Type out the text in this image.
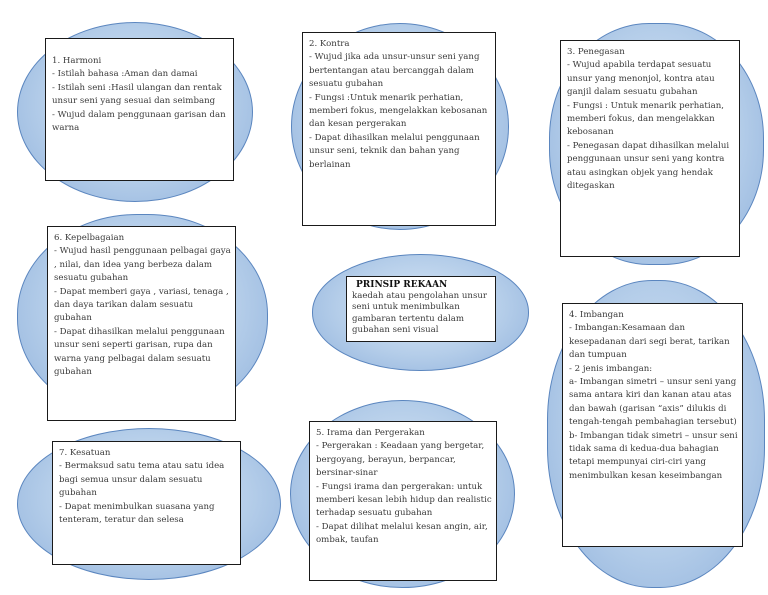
1. Harmoni
- Istilah bahasa :Aman dan damai
- Istilah seni :Hasil ulangan dan rentak unsur seni yang sesuai dan seimbang
- Wujud dalam penggunaan garisan dan warna
2. Kontra
- Wujud jika ada unsur-unsur seni yang bertentangan atau bercanggah dalam sesuatu gubahan
- Fungsi :Untuk menarik perhatian, memberi fokus, mengelakkan kebosanan dan kesan pergerakan
- Dapat dihasilkan melalui penggunaan unsur seni, teknik dan bahan yang berlainan
3. Penegasan
- Wujud apabila terdapat sesuatu unsur yang menonjol, kontra atau ganjil dalam sesuatu gubahan
- Fungsi : Untuk menarik perhatian, memberi fokus, dan mengelakkan kebosanan
- Penegasan dapat dihasilkan melalui penggunaan unsur seni yang kontra atau asingkan objek yang hendak ditegaskan
6. Kepelbagaian
- Wujud hasil penggunaan pelbagai gaya , nilai, dan idea yang berbeza dalam sesuatu gubahan
- Dapat memberi gaya , variasi, tenaga , dan daya tarikan dalam sesuatu gubahan
- Dapat dihasilkan melalui penggunaan unsur seni seperti garisan, rupa dan warna yang pelbagai dalam sesuatu gubahan
PRINSIP REKAAN
kaedah atau pengolahan unsur seni untuk menimbulkan gambaran tertentu dalam gubahan seni visual
4. Imbangan
- Imbangan:Kesamaan dan kesepadanan dari segi berat, tarikan dan tumpuan
- 2 jenis imbangan:
a- Imbangan simetri – unsur seni yang sama antara kiri dan kanan atau atas dan bawah (garisan “axis” dilukis di tengah-tengah pembahagian tersebut)
b- Imbangan tidak simetri – unsur seni tidak sama di kedua-dua bahagian tetapi mempunyai ciri-ciri yang menimbulkan kesan keseimbangan
7. Kesatuan
- Bermaksud satu tema atau satu idea bagi semua unsur dalam sesuatu gubahan
- Dapat menimbulkan suasana yang tenteram, teratur dan selesa
5. Irama dan Pergerakan
- Pergerakan : Keadaan yang bergetar, bergoyang, berayun, berpancar, bersinar-sinar
- Fungsi irama dan pergerakan: untuk memberi kesan lebih hidup dan realistic terhadap sesuatu gubahan
- Dapat dilihat melalui kesan angin, air, ombak, taufan
